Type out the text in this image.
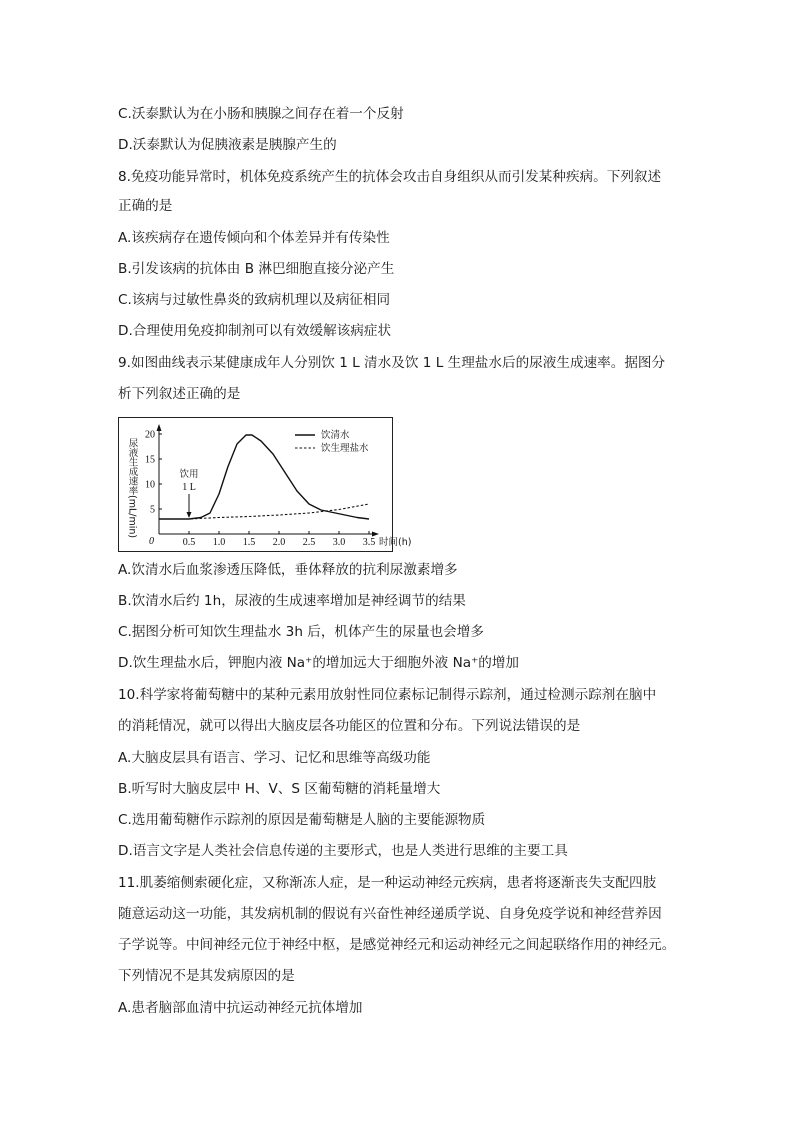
C.沃泰默认为在小肠和胰腺之间存在着一个反射
D.沃泰默认为促胰液素是胰腺产生的
8.免疫功能异常时，机体免疫系统产生的抗体会攻击自身组织从而引发某种疾病。下列叙述
正确的是
A.该疾病存在遗传倾向和个体差异并有传染性
B.引发该病的抗体由 B 淋巴细胞直接分泌产生
C.该病与过敏性鼻炎的致病机理以及病征相同
D.合理使用免疫抑制剂可以有效缓解该病症状
9.如图曲线表示某健康成年人分别饮 1 L 清水及饮 1 L 生理盐水后的尿液生成速率。据图分
析下列叙述正确的是
A.饮清水后血浆渗透压降低，垂体释放的抗利尿激素增多
B.饮清水后约 1h，尿液的生成速率增加是神经调节的结果
C.据图分析可知饮生理盐水 3h 后，机体产生的尿量也会增多
D.饮生理盐水后，钾胞内液 Na⁺的增加远大于细胞外液 Na⁺的增加
10.科学家将葡萄糖中的某种元素用放射性同位素标记制得示踪剂，通过检测示踪剂在脑中
的消耗情况，就可以得出大脑皮层各功能区的位置和分布。下列说法错误的是
A.大脑皮层具有语言、学习、记忆和思维等高级功能
B.听写时大脑皮层中 H、V、S 区葡萄糖的消耗量增大
C.选用葡萄糖作示踪剂的原因是葡萄糖是人脑的主要能源物质
D.语言文字是人类社会信息传递的主要形式，也是人类进行思维的主要工具
11.肌萎缩侧索硬化症，又称渐冻人症，是一种运动神经元疾病，患者将逐渐丧失支配四肢
随意运动这一功能，其发病机制的假说有兴奋性神经递质学说、自身免疫学说和神经营养因
子学说等。中间神经元位于神经中枢，是感觉神经元和运动神经元之间起联络作用的神经元。
下列情况不是其发病原因的是
A.患者脑部血清中抗运动神经元抗体增加
0.5 1.0 1.5 2.0 2.5 3.0 3.5
5
10
15
20
0
饮清水
饮生理盐水
尿液生成速率(mL/min)
时间(h)
饮用
1 L
